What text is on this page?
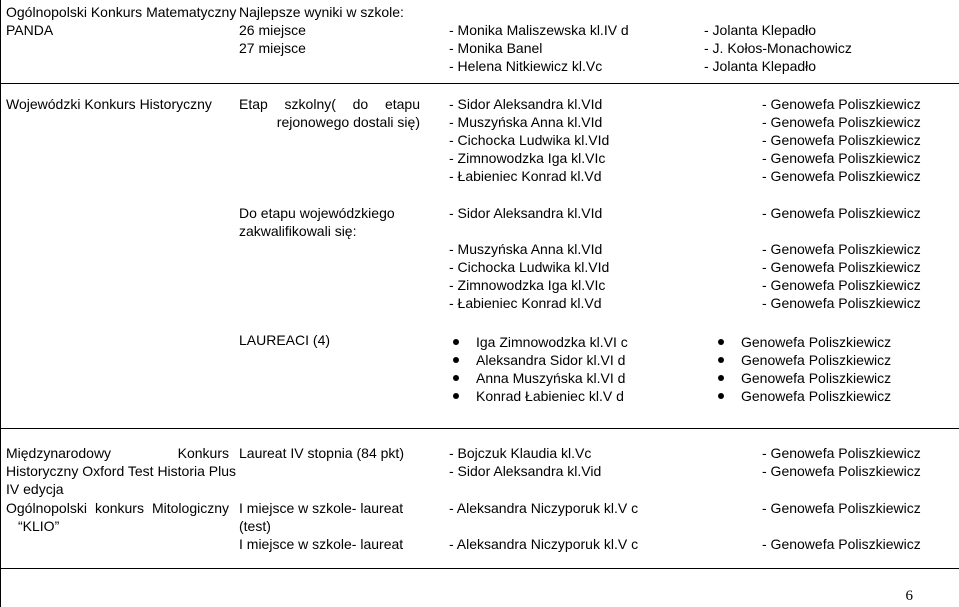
Ogólnopolski Konkurs Matematyczny
PANDA
Najlepsze wyniki w szkole:
26 miejsce
27 miejsce
- Monika Maliszewska kl.IV d
- Monika Banel
- Helena Nitkiewicz kl.Vc
- Jolanta Klepadło
- J. Kołos-Monachowicz
- Jolanta Klepadło
Wojewódzki Konkurs Historyczny Etap szkolny( do etapu
rejonowego dostali się)
- Sidor Aleksandra kl.VId
- Muszyńska Anna kl.VId
- Cichocka Ludwika kl.VId
- Zimnowodzka Iga kl.VIc
- Łabieniec Konrad kl.Vd
- Genowefa Poliszkiewicz
- Genowefa Poliszkiewicz
- Genowefa Poliszkiewicz
- Genowefa Poliszkiewicz
- Genowefa Poliszkiewicz
Do etapu wojewódzkiego
zakwalifikowali się:
- Sidor Aleksandra kl.VId
- Muszyńska Anna kl.VId
- Cichocka Ludwika kl.VId
- Zimnowodzka Iga kl.VIc
- Łabieniec Konrad kl.Vd
- Genowefa Poliszkiewicz
- Genowefa Poliszkiewicz
- Genowefa Poliszkiewicz
- Genowefa Poliszkiewicz
- Genowefa Poliszkiewicz
LAUREACI (4)	Iga Zimnowodzka kl.VI c
Aleksandra Sidor kl.VI d
Anna Muszyńska kl.VI d
Konrad Łabieniec kl.V d
Genowefa Poliszkiewicz
Genowefa Poliszkiewicz
Genowefa Poliszkiewicz
Genowefa Poliszkiewicz
Międzynarodowy Konkurs
Historyczny Oxford Test Historia Plus
IV edycja
Ogólnopolski konkurs Mitologiczny
“KLIO”
Laureat IV stopnia (84 pkt)
I miejsce w szkole- laureat
(test)
I miejsce w szkole- laureat
- Bojczuk Klaudia kl.Vc
- Sidor Aleksandra kl.Vid
- Aleksandra Niczyporuk kl.V c
- Aleksandra Niczyporuk kl.V c
- Genowefa Poliszkiewicz
- Genowefa Poliszkiewicz
- Genowefa Poliszkiewicz
- Genowefa Poliszkiewicz
6
